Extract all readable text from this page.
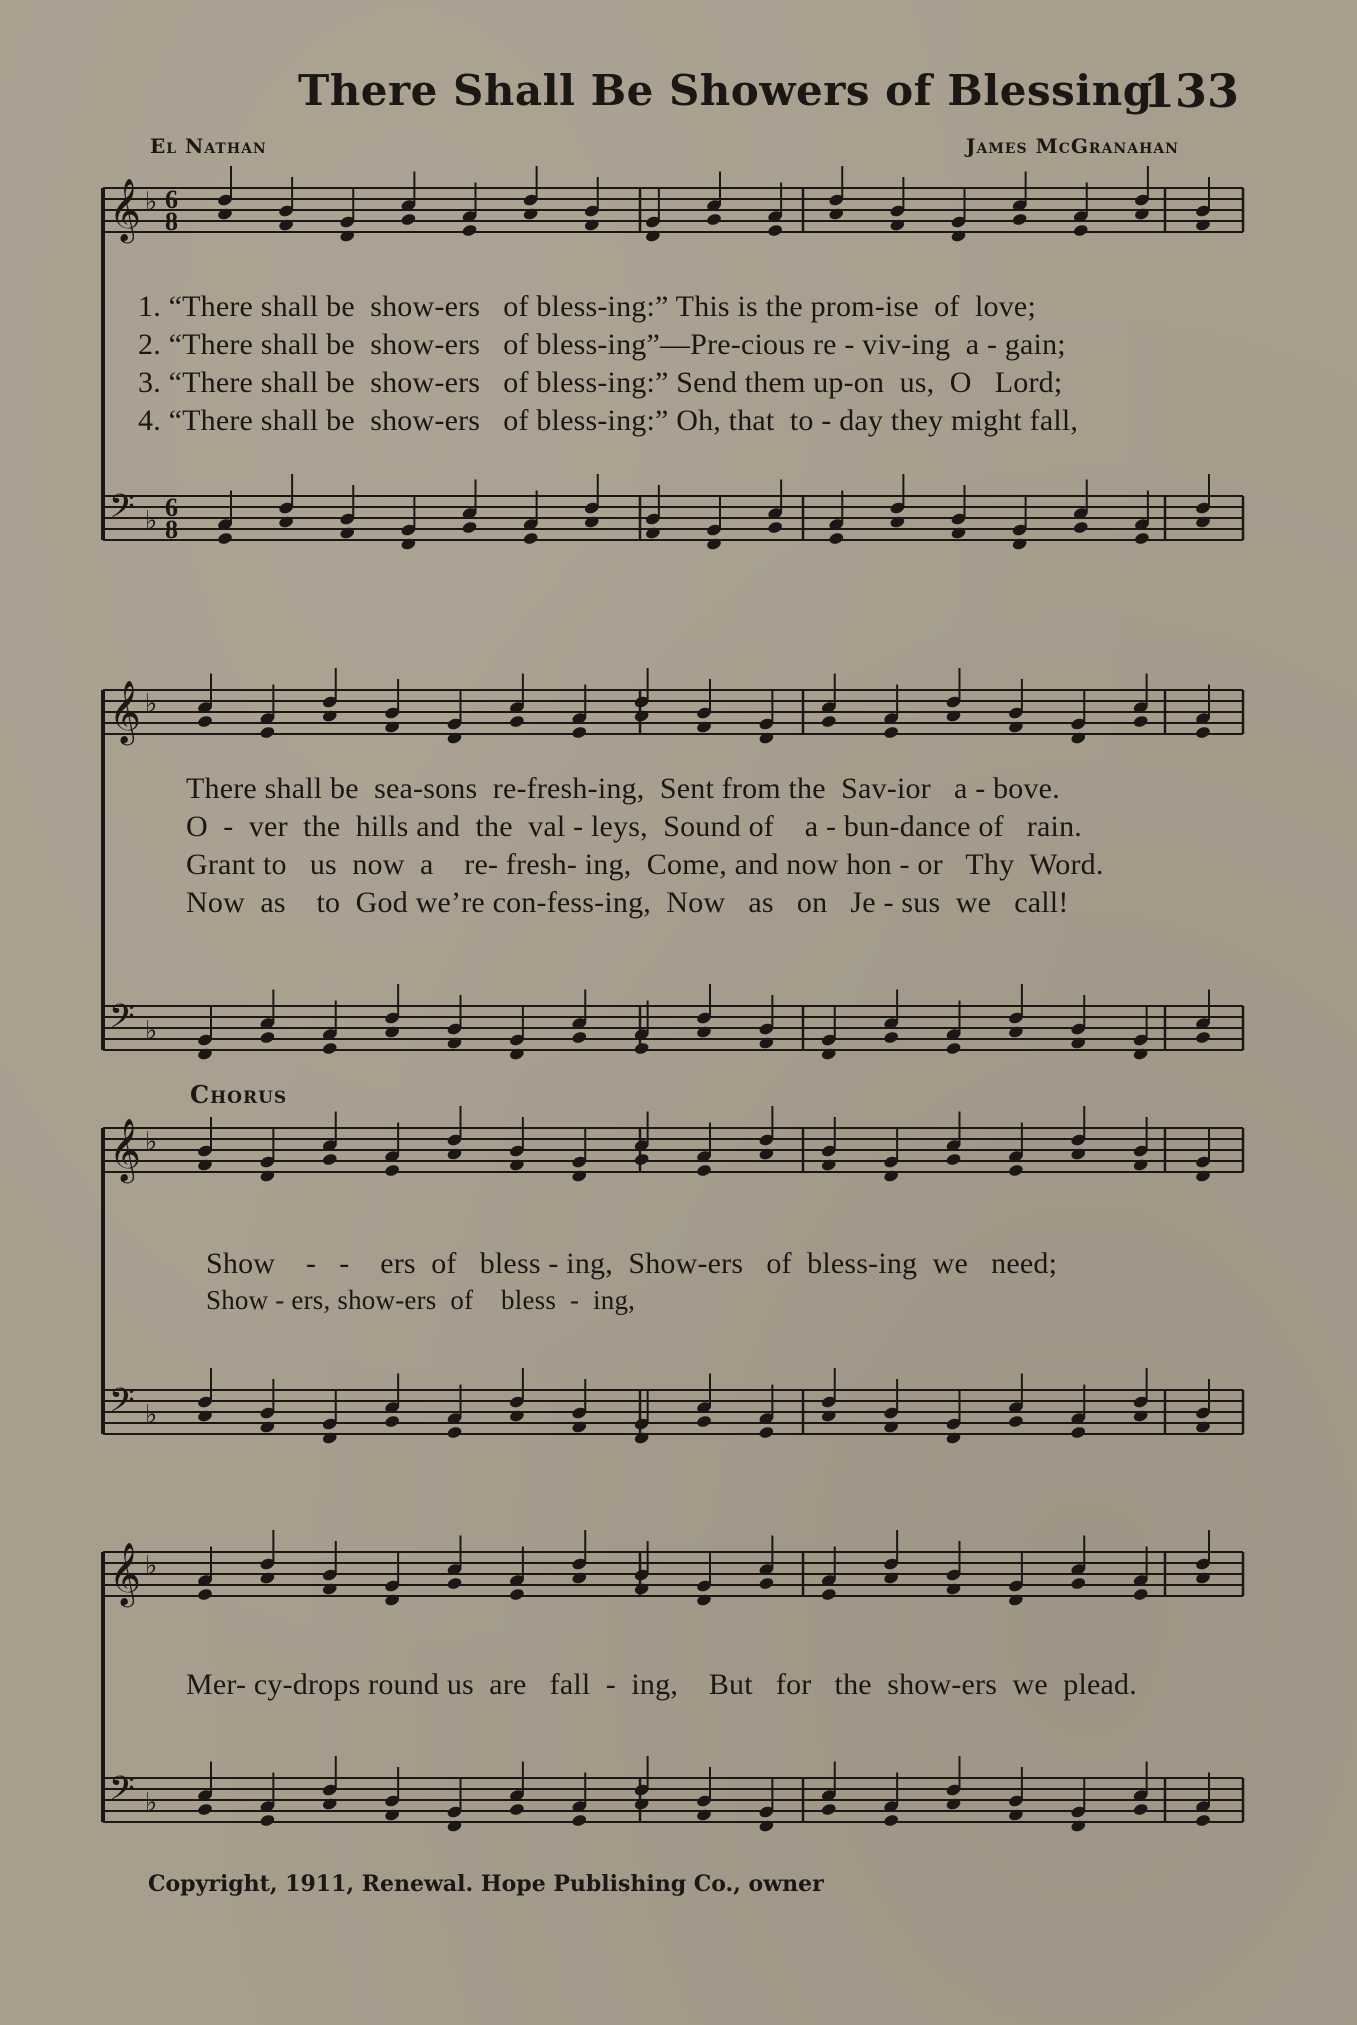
There Shall Be Showers of Blessing
133
El Nathan	James McGranahan
𝄞 ♭ 6
8
𝄢 ♭ 6
8
𝄞 ♭
𝄢 ♭
𝄞 ♭
𝄢 ♭
𝄞 ♭
𝄢 ♭
1. “There shall be  show-ers   of bless-ing:” This is the prom-ise  of  love;
2. “There shall be  show-ers   of bless-ing”—Pre-cious re - viv-ing  a - gain;
3. “There shall be  show-ers   of bless-ing:” Send them up-on  us,  O   Lord;
4. “There shall be  show-ers   of bless-ing:” Oh, that  to - day they might fall,
There shall be  sea-sons  re-fresh-ing,  Sent from the  Sav-ior   a - bove.
O  -  ver  the  hills and  the  val - leys,  Sound of    a - bun-dance of   rain.
Grant to   us  now  a    re- fresh- ing,  Come, and now hon - or   Thy  Word.
Now  as    to  God we’re con-fess-ing,  Now   as   on   Je - sus  we   call!
Chorus
Show    -   -    ers  of   bless - ing,  Show-ers   of  bless-ing  we   need;
Show - ers, show-ers  of    bless  -  ing,
Mer- cy-drops round us  are   fall  -  ing,    But   for   the  show-ers  we  plead.
Copyright, 1911, Renewal. Hope Publishing Co., owner
